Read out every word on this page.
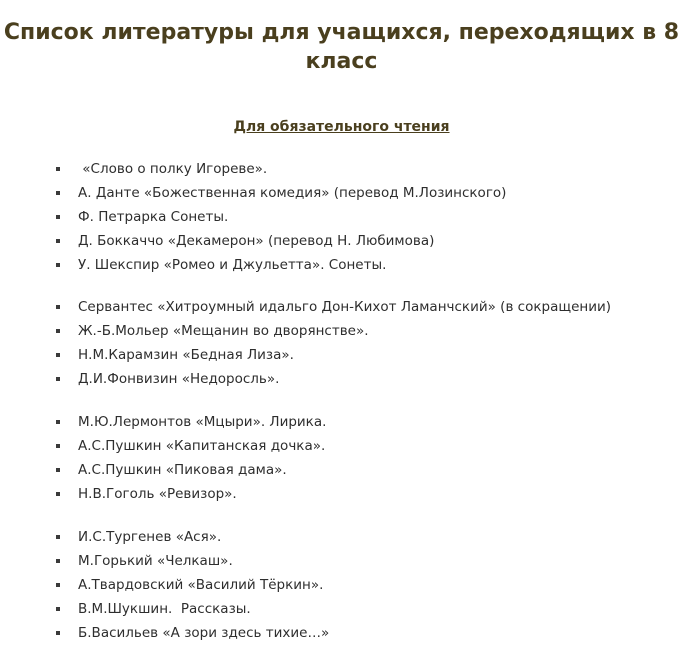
Список литературы для учащихся, переходящих в 8 класс
Для обязательного чтения
«Слово о полку Игореве».
А. Данте «Божественная комедия» (перевод М.Лозинского)
Ф. Петрарка Сонеты.
Д. Боккаччо «Декамерон» (перевод Н. Любимова)
У. Шекспир «Ромео и Джульетта». Сонеты.
Сервантес «Хитроумный идальго Дон-Кихот Ламанчский» (в сокращении)
Ж.-Б.Мольер «Мещанин во дворянстве».
Н.М.Карамзин «Бедная Лиза».
Д.И.Фонвизин «Недоросль».
М.Ю.Лермонтов «Мцыри». Лирика.
А.С.Пушкин «Капитанская дочка».
А.С.Пушкин «Пиковая дама».
Н.В.Гоголь «Ревизор».
И.С.Тургенев «Ася».
М.Горький «Челкаш».
А.Твардовский «Василий Тёркин».
В.М.Шукшин.  Рассказы.
Б.Васильев «А зори здесь тихие…»
